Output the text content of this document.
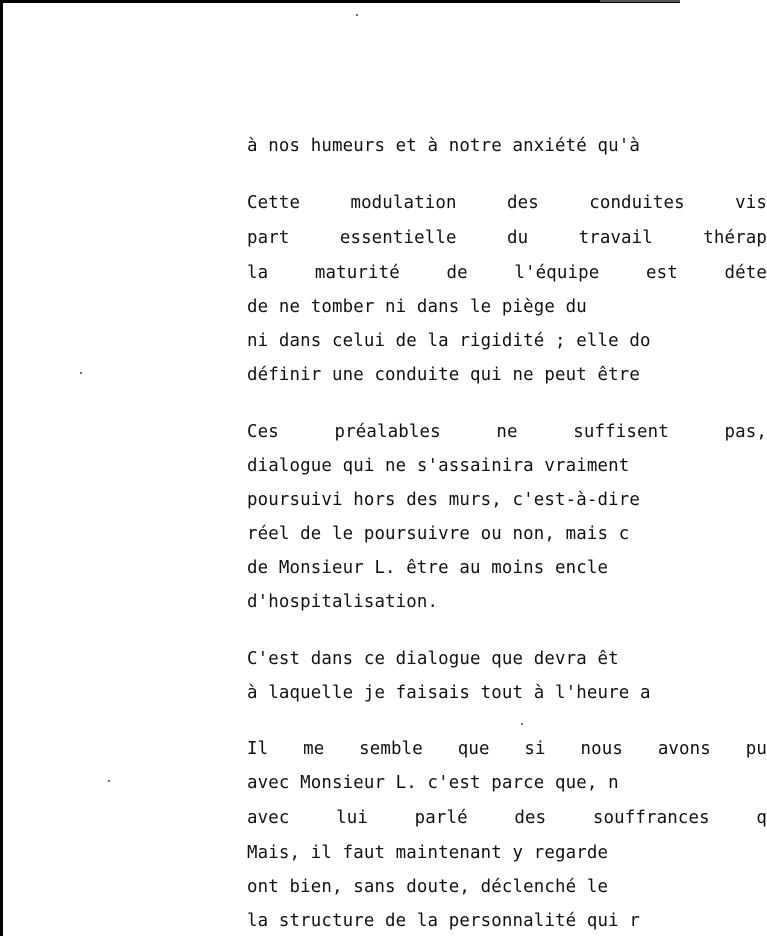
à nos humeurs et à notre anxiété qu'à
Cette modulation des conduites vis
part essentielle du travail thérap
la maturité de l'équipe est déte
de ne tomber ni dans le piège du
ni dans celui de la rigidité ; elle do
définir une conduite qui ne peut être
Ces préalables ne suffisent pas,
dialogue qui ne s'assainira vraiment
poursuivi hors des murs, c'est-à-dire
réel de le poursuivre ou non, mais c
de Monsieur L. être au moins encle
d'hospitalisation.
C'est dans ce dialogue que devra êt
à laquelle je faisais tout à l'heure a
Il me semble que si nous avons pu
avec Monsieur L. c'est parce que, n
avec lui parlé des souffrances q
Mais, il faut maintenant y regarde
ont bien, sans doute, déclenché le
la structure de la personnalité qui r
